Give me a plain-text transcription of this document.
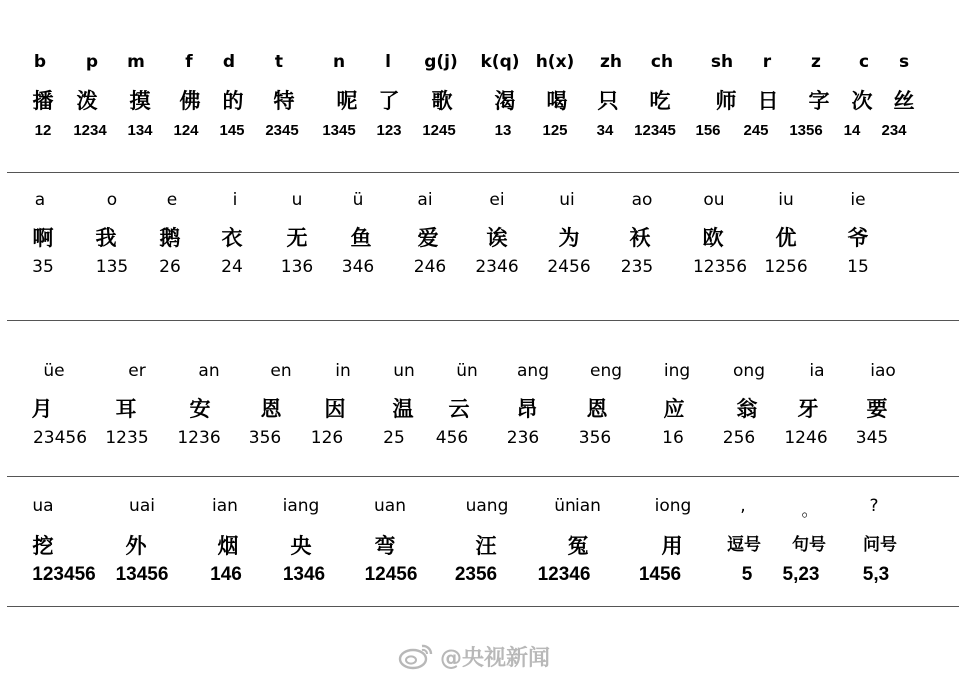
b p m f d t	n l g(j) k(q) h(x) zh ch sh r z c s
播 泼 摸 佛 的 特 呢 了 歌 渴 喝 只 吃 师 日 字 次 丝
12 1234 134 124 145 2345 1345 123 1245	13 125 34 12345 156 245 1356 14 234
a	o	e	i	u	ü	ai	ei	ui	ao	ou	iu	ie
啊 我 鹅 衣 无 鱼 爱 诶 为 袄 欧 优 爷
35 135 26 24 136 346 246 2346 2456 235 12356 1256 15
üe	er	an	en	in un ün ang eng ing	ong	ia	iao
月	耳	安 恩 因 温 云 昂 恩	应 翁 牙 要
23456 1235 1236 356 126 25 456 236 356	16 256 1246 345
ua	uai	ian	iang	uan	uang	ün ian	iong	,	。	?
挖	外	烟 央	弯	汪	冤	用	逗号 句号 问号
123456 13456 146 1346 12456 2356 12346	1456	5 5,23 5,3
@央视新闻
